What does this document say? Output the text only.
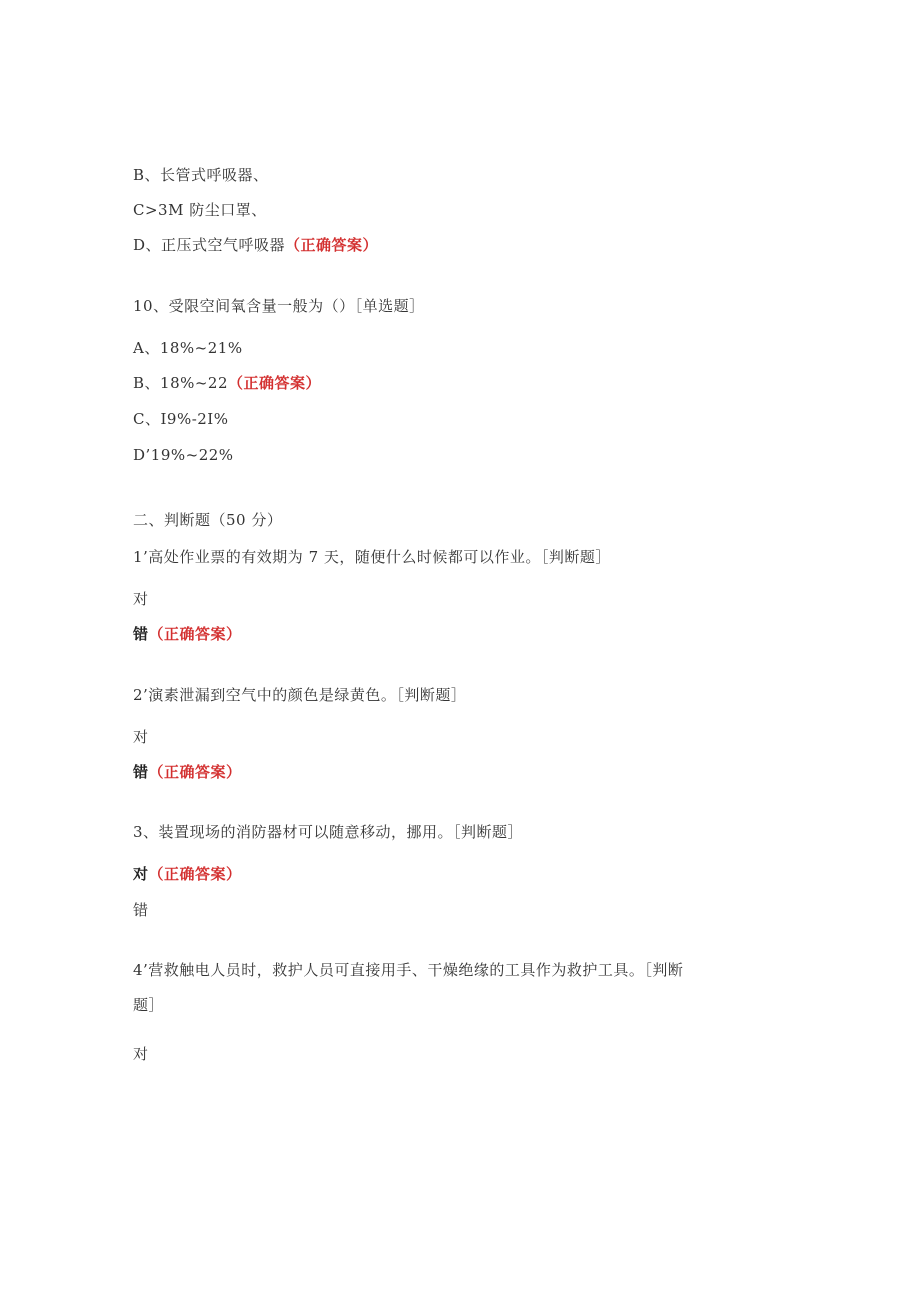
B、长管式呼吸器、
C>3M 防尘口罩、
D、正压式空气呼吸器（正确答案）
10、受限空间氧含量一般为（）［单选题］
A、18%~21%
B、18%~22（正确答案）
C、I9%-2I%
D’19%~22%
二、判断题（50 分）
1’高处作业票的有效期为 7 天，随便什么时候都可以作业。［判断题］
对
错（正确答案）
2’演素泄漏到空气中的颜色是绿黄色。［判断题］
对
错（正确答案）
3、装置现场的消防器材可以随意移动，挪用。［判断题］
对（正确答案）
错
4’营救触电人员时，救护人员可直接用手、干燥绝缘的工具作为救护工具。［判断
题］
对
